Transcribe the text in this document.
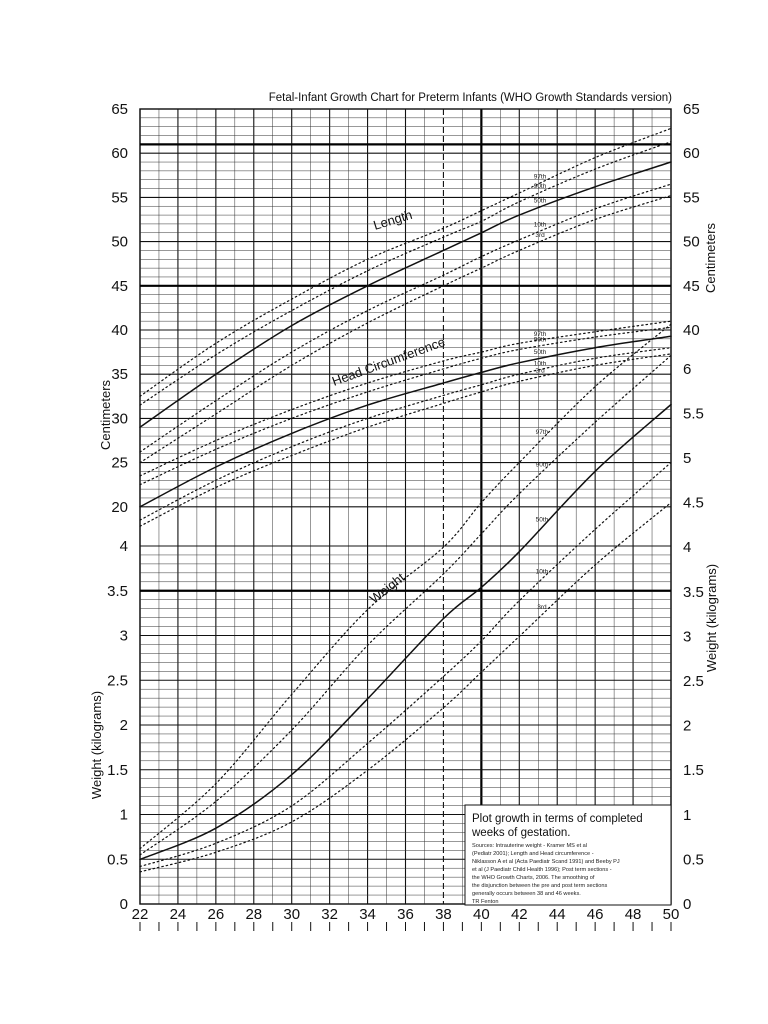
22 24 26 28 30 32 34 36 38 40 42 44 46 48 50
0
0.5
1
1.5
2
2.5
3
3.5
4
20
25
30
35
40
45
50
55
60
65
0
0.5
1
1.5
2
2.5
3
3.5
4
4.5
5
5.5
6
40
45
50
55
60
65
97th
90th
50th
10th
3rd
97th
90th
50th
10th
3rd
97th
90th
50th
10th
3rd
Fetal-Infant Growth Chart for Preterm Infants (WHO Growth Standards version)
Centimeters
Weight (kilograms)
Centimeters
Weight (kilograms)
Length
Head Circumference
Weight
Plot growth in terms of completed
weeks of gestation.
Sources: Intrauterine weight - Kramer MS et al
(Pediatr 2001); Length and Head circumference -
Niklasson A et al (Acta Paediatr Scand 1991) and Beeby PJ
et al (J Paediatr Child Health 1996); Post term sections -
the WHO Growth Charts, 2006. The smoothing of
the disjunction between the pre and post term sections
generally occurs between 38 and 46 weeks.
TR Fenton
